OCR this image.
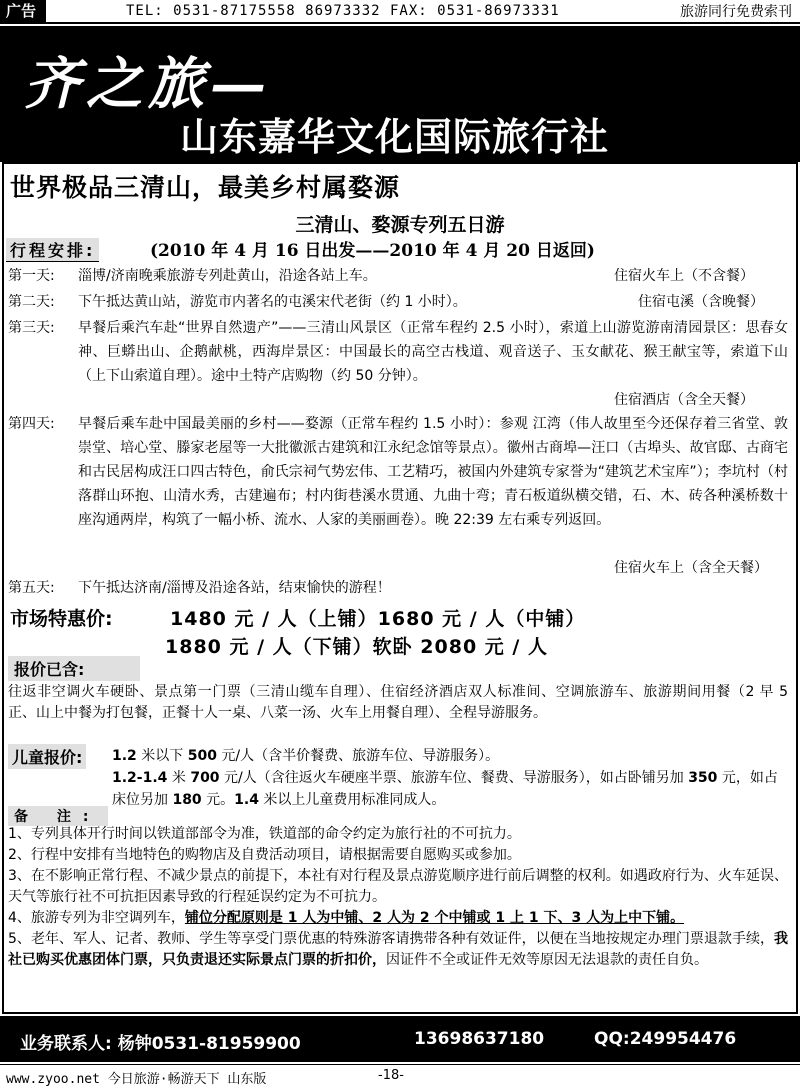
广告	TEL: 0531-87175558 86973332 FAX: 0531-86973331	旅游同行免费索刊
齐之旅—
山东嘉华文化国际旅行社
世界极品三清山，最美乡村属婺源
三清山、婺源专列五日游
行程安排:	(2010 年 4 月 16 日出发——2010 年 4 月 20 日返回)
第一天:	淄博/济南晚乘旅游专列赴黄山，沿途各站上车。	住宿火车上（不含餐）
第二天:	下午抵达黄山站，游览市内著名的屯溪宋代老街（约 1 小时）。	住宿屯溪（含晚餐）
第三天:	早餐后乘汽车赴“世界自然遗产”——三清山风景区（正常车程约 2.5 小时），索道上山游览游南清园景区：思春女神、巨蟒出山、企鹅献桃，西海岸景区：中国最长的高空古栈道、观音送子、玉女献花、猴王献宝等，索道下山（上下山索道自理）。途中土特产店购物（约 50 分钟）。
住宿酒店（含全天餐）
第四天:	早餐后乘车赴中国最美丽的乡村——婺源（正常车程约 1.5 小时）：参观 江湾（伟人故里至今还保存着三省堂、敦崇堂、培心堂、滕家老屋等一大批徽派古建筑和江永纪念馆等景点）。徽州古商埠—汪口（古埠头、故官邸、古商宅和古民居构成汪口四古特色，俞氏宗祠气势宏伟、工艺精巧，被国内外建筑专家誉为“建筑艺术宝库”）；李坑村（村落群山环抱、山清水秀，古建遍布；村内街巷溪水贯通、九曲十弯；青石板道纵横交错，石、木、砖各种溪桥数十座沟通两岸，构筑了一幅小桥、流水、人家的美丽画卷）。晚 22:39 左右乘专列返回。
住宿火车上（含全天餐）
第五天:	下午抵达济南/淄博及沿途各站，结束愉快的游程！
市场特惠价:	1480 元 / 人（上铺）1680 元 / 人（中铺）
1880 元 / 人（下铺）软卧 2080 元 / 人
报价已含:
往返非空调火车硬卧、景点第一门票（三清山缆车自理）、住宿经济酒店双人标准间、空调旅游车、旅游期间用餐（2 早 5 正、山上中餐为打包餐，正餐十人一桌、八菜一汤、火车上用餐自理）、全程导游服务。
儿童报价: 1.2 米以下 500 元/人（含半价餐费、旅游车位、导游服务）。
1.2-1.4 米 700 元/人（含往返火车硬座半票、旅游车位、餐费、导游服务），如占卧铺另加 350 元，如占床位另加 180 元。1.4 米以上儿童费用标准同成人。
备 注:
1、专列具体开行时间以铁道部部令为准，铁道部的命令约定为旅行社的不可抗力。
2、行程中安排有当地特色的购物店及自费活动项目，请根据需要自愿购买或参加。
3、在不影响正常行程、不减少景点的前提下，本社有对行程及景点游览顺序进行前后调整的权利。如遇政府行为、火车延误、天气等旅行社不可抗拒因素导致的行程延误约定为不可抗力。
4、旅游专列为非空调列车，铺位分配原则是 1 人为中铺、2 人为 2 个中铺或 1 上 1 下、3 人为上中下铺。
5、老年、军人、记者、教师、学生等享受门票优惠的特殊游客请携带各种有效证件，以便在当地按规定办理门票退款手续，我社已购买优惠团体门票，只负责退还实际景点门票的折扣价，因证件不全或证件无效等原因无法退款的责任自负。
业务联系人: 杨钟0531-81959900	13698637180	QQ:249954476
www.zyoo.net 今日旅游·畅游天下 山东版	-18-
